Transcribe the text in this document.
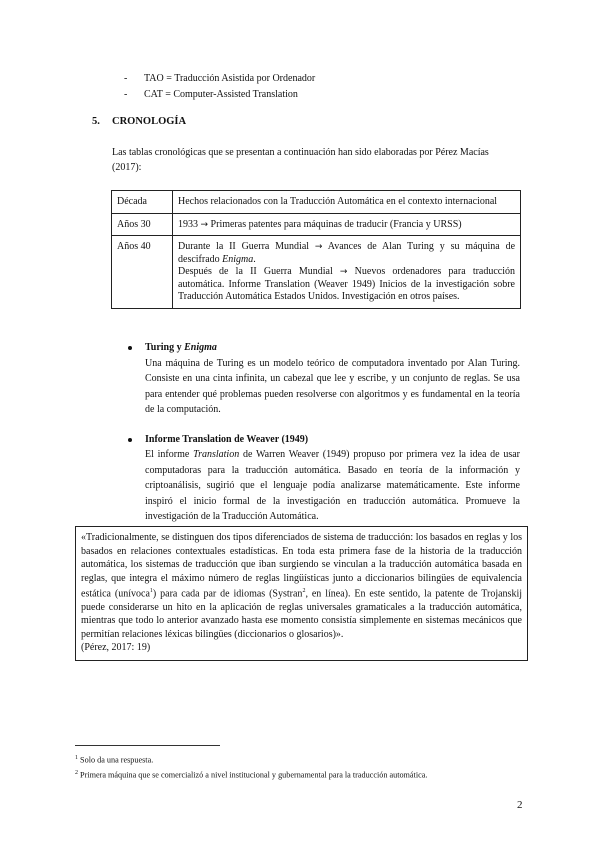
- TAO = Traducción Asistida por Ordenador
- CAT = Computer-Assisted Translation
5. CRONOLOGÍA
Las tablas cronológicas que se presentan a continuación han sido elaboradas por Pérez Macías (2017):
Década	Hechos relacionados con la Traducción Automática en el contexto internacional
Años 30	1933 → Primeras patentes para máquinas de traducir (Francia y URSS)
Años 40	Durante la II Guerra Mundial → Avances de Alan Turing y su máquina de descifrado Enigma.
Después de la II Guerra Mundial → Nuevos ordenadores para traducción automática. Informe Translation (Weaver 1949) Inicios de la investigación sobre Traducción Automática Estados Unidos. Investigación en otros países.
Turing y Enigma
Una máquina de Turing es un modelo teórico de computadora inventado por Alan Turing. Consiste en una cinta infinita, un cabezal que lee y escribe, y un conjunto de reglas. Se usa para entender qué problemas pueden resolverse con algoritmos y es fundamental en la teoría de la computación.
Informe Translation de Weaver (1949)
El informe Translation de Warren Weaver (1949) propuso por primera vez la idea de usar computadoras para la traducción automática. Basado en teoría de la información y criptoanálisis, sugirió que el lenguaje podía analizarse matemáticamente. Este informe inspiró el inicio formal de la investigación en traducción automática. Promueve la investigación de la Traducción Automática.
«Tradicionalmente, se distinguen dos tipos diferenciados de sistema de traducción: los basados en reglas y los basados en relaciones contextuales estadísticas. En toda esta primera fase de la historia de la traducción automática, los sistemas de traducción que iban surgiendo se vinculan a la traducción automática basada en reglas, que integra el máximo número de reglas lingüísticas junto a diccionarios bilingües de equivalencia estática (unívoca$^1$) para cada par de idiomas (Systran$^2$, en línea). En este sentido, la patente de Trojanskij puede considerarse un hito en la aplicación de reglas universales gramaticales a la traducción automática, mientras que todo lo anterior avanzado hasta ese momento consistía simplemente en sistemas mecánicos que permitían relaciones léxicas bilingües (diccionarios o glosarios)».
(Pérez, 2017: 19)
$^1$ Solo da una respuesta.
$^2$ Primera máquina que se comercializó a nivel institucional y gubernamental para la traducción automática.
2
